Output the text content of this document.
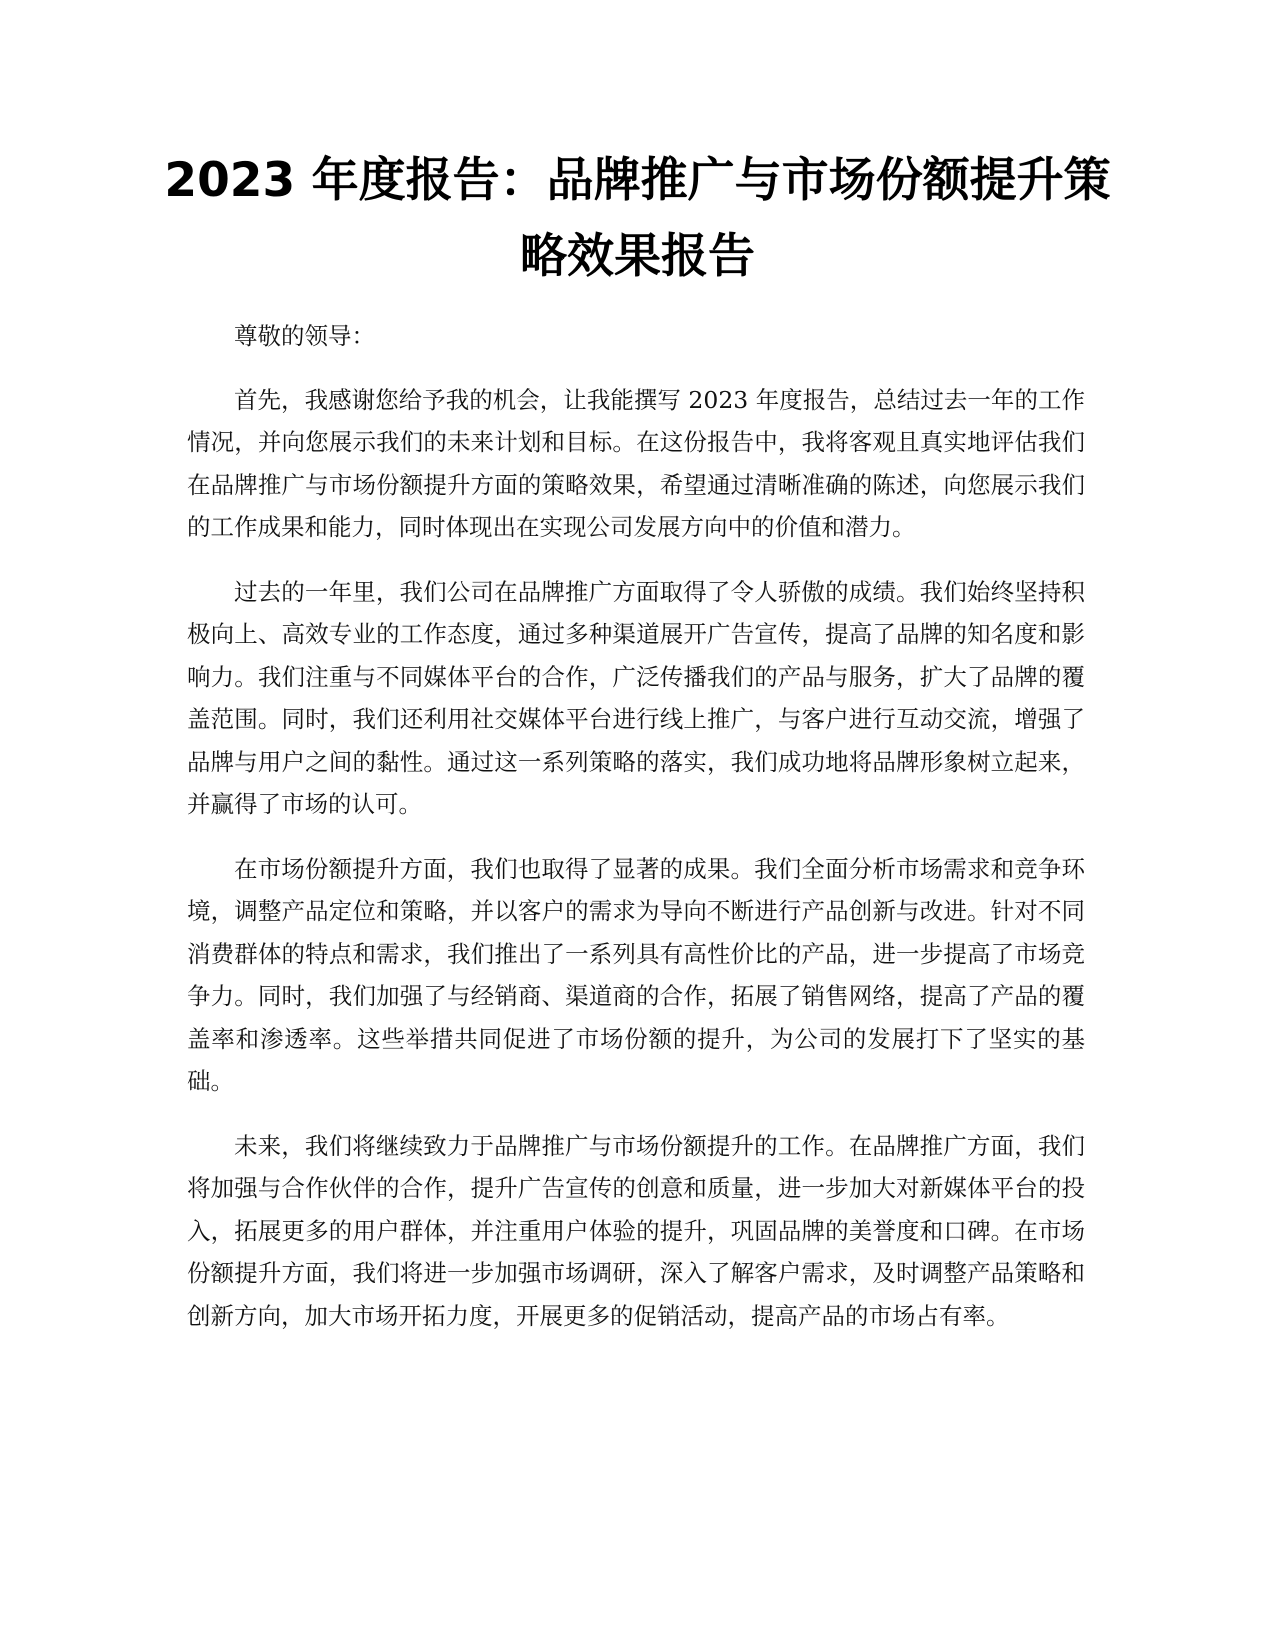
2023 年度报告：品牌推广与市场份额提升策略效果报告

尊敬的领导：

首先，我感谢您给予我的机会，让我能撰写 2023 年度报告，总结过去一年的工作情况，并向您展示我们的未来计划和目标。在这份报告中，我将客观且真实地评估我们在品牌推广与市场份额提升方面的策略效果，希望通过清晰准确的陈述，向您展示我们的工作成果和能力，同时体现出在实现公司发展方向中的价值和潜力。

过去的一年里，我们公司在品牌推广方面取得了令人骄傲的成绩。我们始终坚持积极向上、高效专业的工作态度，通过多种渠道展开广告宣传，提高了品牌的知名度和影响力。我们注重与不同媒体平台的合作，广泛传播我们的产品与服务，扩大了品牌的覆盖范围。同时，我们还利用社交媒体平台进行线上推广，与客户进行互动交流，增强了品牌与用户之间的黏性。通过这一系列策略的落实，我们成功地将品牌形象树立起来，并赢得了市场的认可。

在市场份额提升方面，我们也取得了显著的成果。我们全面分析市场需求和竞争环境，调整产品定位和策略，并以客户的需求为导向不断进行产品创新与改进。针对不同消费群体的特点和需求，我们推出了一系列具有高性价比的产品，进一步提高了市场竞争力。同时，我们加强了与经销商、渠道商的合作，拓展了销售网络，提高了产品的覆盖率和渗透率。这些举措共同促进了市场份额的提升，为公司的发展打下了坚实的基础。

未来，我们将继续致力于品牌推广与市场份额提升的工作。在品牌推广方面，我们将加强与合作伙伴的合作，提升广告宣传的创意和质量，进一步加大对新媒体平台的投入，拓展更多的用户群体，并注重用户体验的提升，巩固品牌的美誉度和口碑。在市场份额提升方面，我们将进一步加强市场调研，深入了解客户需求，及时调整产品策略和创新方向，加大市场开拓力度，开展更多的促销活动，提高产品的市场占有率。
